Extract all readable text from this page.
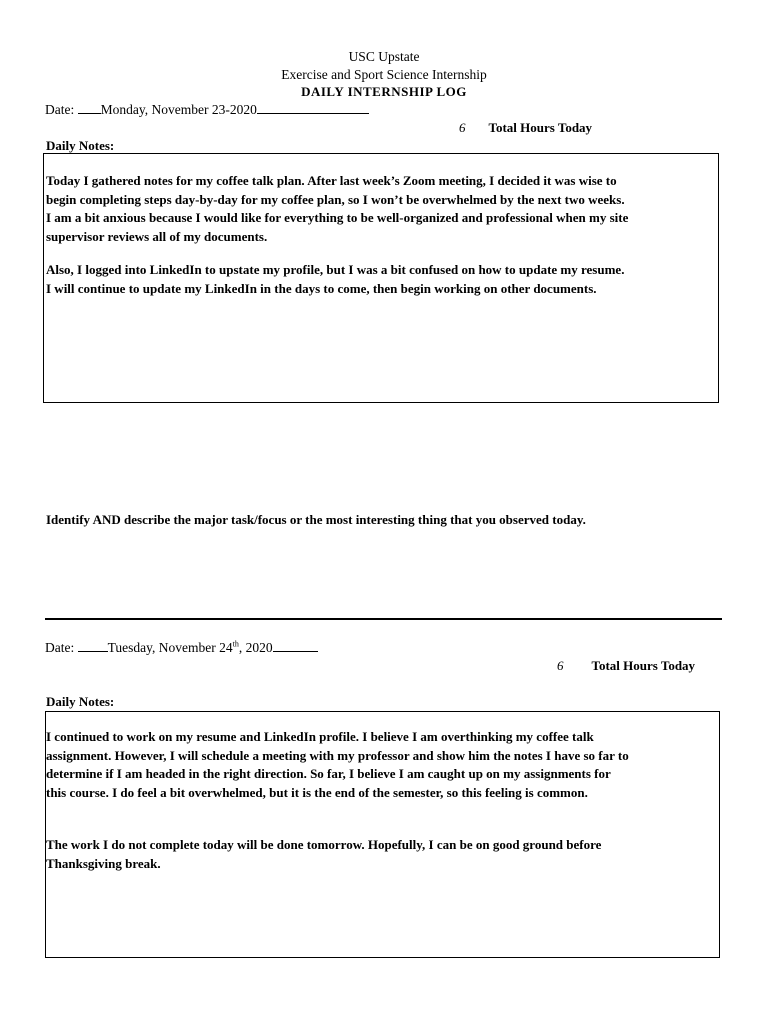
USC Upstate
Exercise and Sport Science Internship
DAILY INTERNSHIP LOG
Date: Monday, November 23-2020
6 Total Hours Today
Daily Notes:
Today I gathered notes for my coffee talk plan. After last week’s Zoom meeting, I decided it was wise to
begin completing steps day-by-day for my coffee plan, so I won’t be overwhelmed by the next two weeks.
I am a bit anxious because I would like for everything to be well-organized and professional when my site
supervisor reviews all of my documents.
Also, I logged into LinkedIn to upstate my profile, but I was a bit confused on how to update my resume.
I will continue to update my LinkedIn in the days to come, then begin working on other documents.
Identify AND describe the major task/focus or the most interesting thing that you observed today.
Date: Tuesday, November 24th, 2020
6 Total Hours Today
Daily Notes:
I continued to work on my resume and LinkedIn profile. I believe I am overthinking my coffee talk
assignment. However, I will schedule a meeting with my professor and show him the notes I have so far to
determine if I am headed in the right direction. So far, I believe I am caught up on my assignments for
this course. I do feel a bit overwhelmed, but it is the end of the semester, so this feeling is common.
The work I do not complete today will be done tomorrow. Hopefully, I can be on good ground before
Thanksgiving break.
